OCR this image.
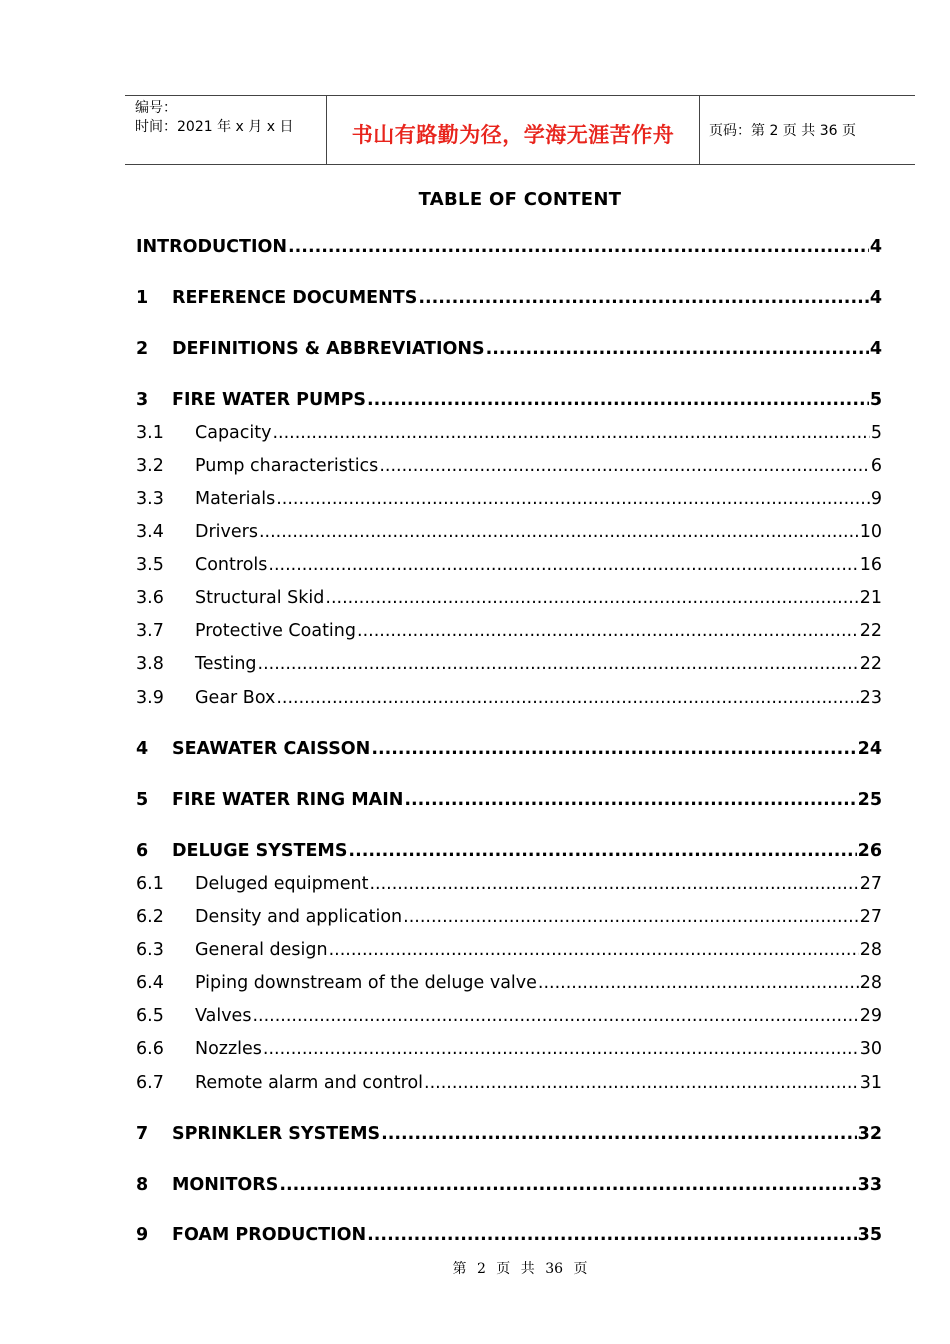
编号：
时间：2021 年 x 月 x 日	书山有路勤为径，学海无涯苦作舟	页码：第 2 页 共 36 页
TABLE OF CONTENT
INTRODUCTION .....	4
1	REFERENCE DOCUMENTS .....	4
2	DEFINITIONS & ABBREVIATIONS .....	4
3	FIRE WATER PUMPS .....	5
3.1	Capacity .....	5
3.2	Pump characteristics .....	6
3.3	Materials .....	9
3.4	Drivers .....	10
3.5	Controls .....	16
3.6	Structural Skid .....	21
3.7	Protective Coating .....	22
3.8	Testing .....	22
3.9	Gear Box .....	23
4	SEAWATER CAISSON .....	24
5	FIRE WATER RING MAIN .....	25
6	DELUGE SYSTEMS .....	26
6.1	Deluged equipment .....	27
6.2	Density and application .....	27
6.3	General design .....	28
6.4	Piping downstream of the deluge valve .....	28
6.5	Valves .....	29
6.6	Nozzles .....	30
6.7	Remote alarm and control .....	31
7	SPRINKLER SYSTEMS .....	32
8	MONITORS .....	33
9	FOAM PRODUCTION .....	35
第 2 页 共 36 页
